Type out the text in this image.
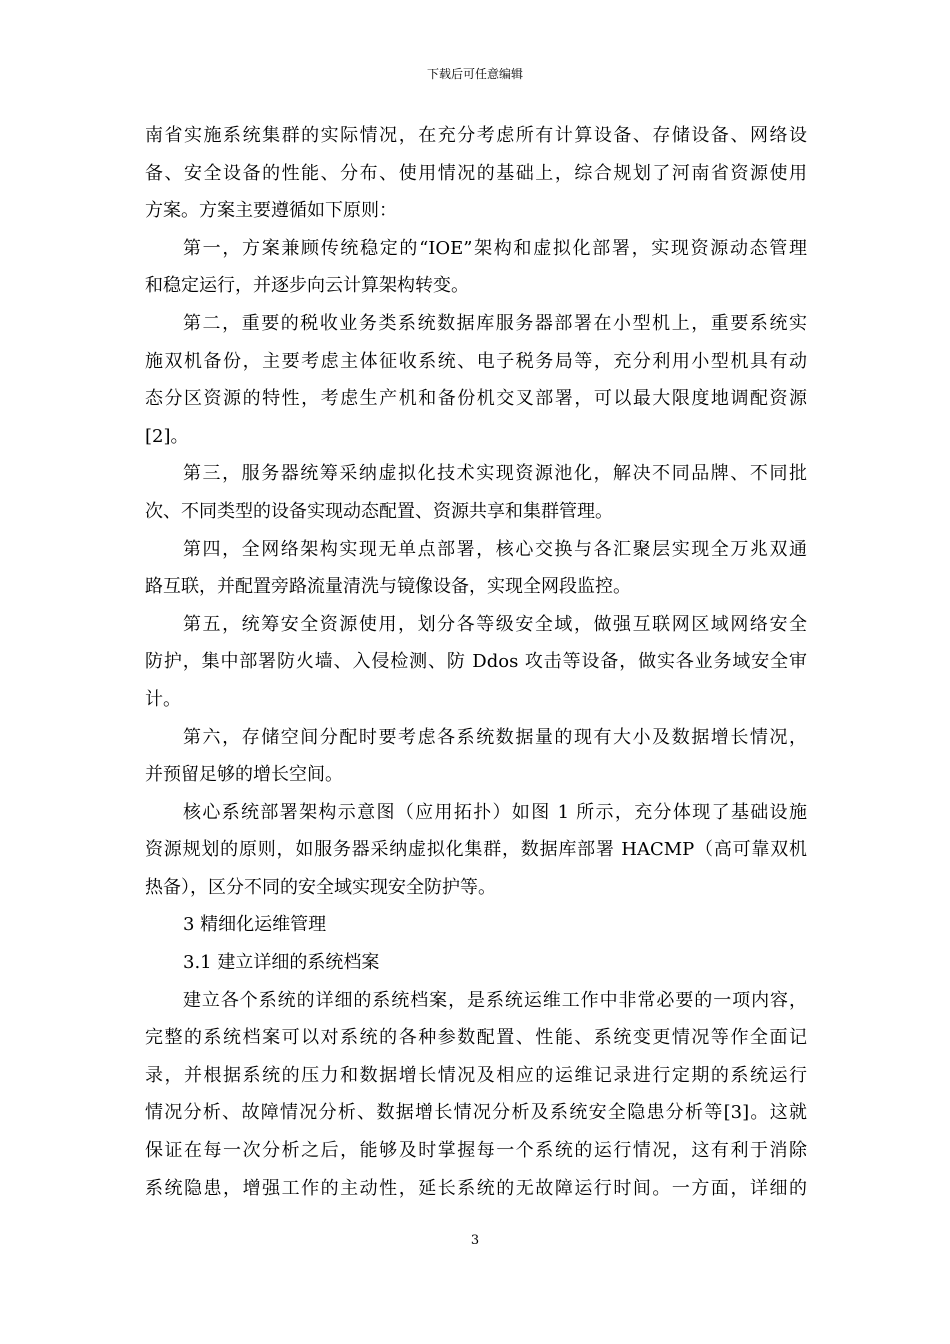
下载后可任意编辑
南省实施系统集群的实际情况，在充分考虑所有计算设备、存储设备、网络设
备、安全设备的性能、分布、使用情况的基础上，综合规划了河南省资源使用
方案。方案主要遵循如下原则：
第一，方案兼顾传统稳定的“IOE”架构和虚拟化部署，实现资源动态管理
和稳定运行，并逐步向云计算架构转变。
第二，重要的税收业务类系统数据库服务器部署在小型机上，重要系统实
施双机备份，主要考虑主体征收系统、电子税务局等，充分利用小型机具有动
态分区资源的特性，考虑生产机和备份机交叉部署，可以最大限度地调配资源
[2]。
第三，服务器统筹采纳虚拟化技术实现资源池化，解决不同品牌、不同批
次、不同类型的设备实现动态配置、资源共享和集群管理。
第四，全网络架构实现无单点部署，核心交换与各汇聚层实现全万兆双通
路互联，并配置旁路流量清洗与镜像设备，实现全网段监控。
第五，统筹安全资源使用，划分各等级安全域，做强互联网区域网络安全
防护，集中部署防火墙、入侵检测、防 Ddos 攻击等设备，做实各业务域安全审
计。
第六，存储空间分配时要考虑各系统数据量的现有大小及数据增长情况，
并预留足够的增长空间。
核心系统部署架构示意图（应用拓扑）如图 1 所示，充分体现了基础设施
资源规划的原则，如服务器采纳虚拟化集群，数据库部署 HACMP（高可靠双机
热备），区分不同的安全域实现安全防护等。
3 精细化运维管理
3.1 建立详细的系统档案
建立各个系统的详细的系统档案，是系统运维工作中非常必要的一项内容，
完整的系统档案可以对系统的各种参数配置、性能、系统变更情况等作全面记
录，并根据系统的压力和数据增长情况及相应的运维记录进行定期的系统运行
情况分析、故障情况分析、数据增长情况分析及系统安全隐患分析等[3]。这就
保证在每一次分析之后，能够及时掌握每一个系统的运行情况，这有利于消除
系统隐患，增强工作的主动性，延长系统的无故障运行时间。一方面，详细的
3
